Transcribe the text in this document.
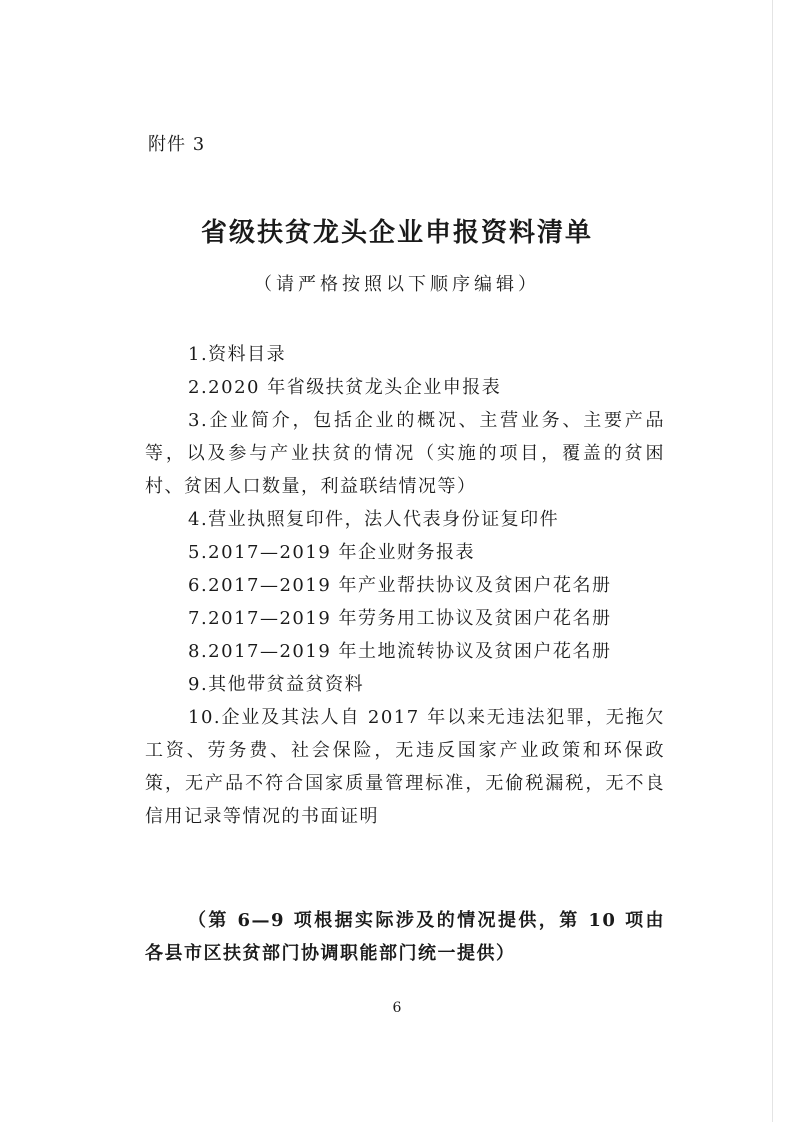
附件 3
省级扶贫龙头企业申报资料清单
（请严格按照以下顺序编辑）
1.资料目录
2.2020 年省级扶贫龙头企业申报表
3.企业简介，包括企业的概况、主营业务、主要产品等，以及参与产业扶贫的情况（实施的项目，覆盖的贫困村、贫困人口数量，利益联结情况等）
4.营业执照复印件，法人代表身份证复印件
5.2017—2019 年企业财务报表
6.2017—2019 年产业帮扶协议及贫困户花名册
7.2017—2019 年劳务用工协议及贫困户花名册
8.2017—2019 年土地流转协议及贫困户花名册
9.其他带贫益贫资料
10.企业及其法人自 2017 年以来无违法犯罪，无拖欠工资、劳务费、社会保险，无违反国家产业政策和环保政策，无产品不符合国家质量管理标准，无偷税漏税，无不良信用记录等情况的书面证明
（第 6—9 项根据实际涉及的情况提供，第 10 项由各县市区扶贫部门协调职能部门统一提供）
6
